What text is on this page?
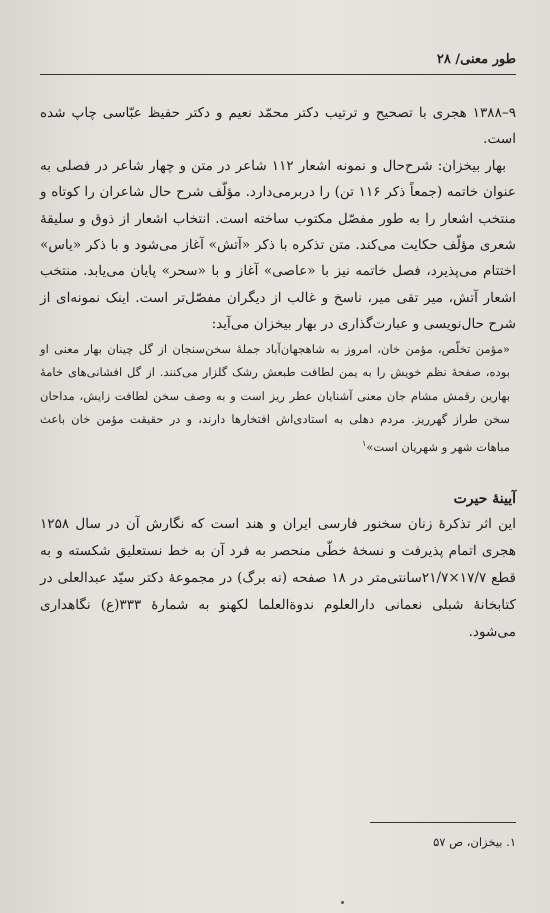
طور معنی/ ۲۸

۹–۱۳۸۸ هجری با تصحیح و ترتیب دکتر محمّد نعیم و دکتر حفیظ عبّاسی چاپ شده است.

بهار بیخزان: شرح‌حال و نمونه اشعار ۱۱۲ شاعر در متن و چهار شاعر در فصلی به عنوان خاتمه (جمعاً ذکر ۱۱۶ تن) را در‌برمی‌دارد. مؤلّف شرح حال شاعران را کوتاه و منتخب اشعار را به طور مفصّل مکتوب ساخته است. انتخاب اشعار از ذوق و سلیقهٔ شعری مؤلّف حکایت می‌کند. متن تذکره با ذکر «آتش» آغاز می‌شود و با ذکر «یاس» اختتام می‌پذیرد، فصل خاتمه نیز با «عاصی» آغاز و با «سحر» پایان می‌یابد. منتخب اشعار آتش، میر تقی میر، ناسخ و غالب از دیگران مفصّل‌تر است. اینک نمونه‌ای از شرح حال‌نویسی و عبارت‌گذاری در بهار بیخزان می‌آید:

«مؤمن تخلّص، مؤمن خان، امروز به شاهجهان‌آباد جملهٔ سخن‌سنجان از گل چینان بهار معنی او بوده، صفحهٔ نظم خویش را به یمن لطافت طبعش رشک گلزار می‌کنند. از گل افشانی‌های خامهٔ بهارین رقمش مشام جان معنی آشنایان عطر ریز است و به وصف سخن لطافت زایش، مداحان سخن طراز گهرریز. مردم دهلی به استادی‌اش افتخارها دارند، و در حقیقت مؤمن خان باعث مباهات شهر و شهریان است»$^۱$

آیینهٔ حیرت

این اثر تذکرهٔ زنان سخنور فارسی ایران و هند است که نگارش آن در سال ۱۲۵۸ هجری اتمام پذیرفت و نسخهٔ خطّی منحصر به فرد آن به خط نستعلیق شکسته و به قطع ۱۷/۷×۲۱/۷سانتی‌متر در ۱۸ صفحه (نه برگ) در مجموعهٔ دکتر سیّد عبدالعلی در کتابخانهٔ شبلی نعمانی دارالعلوم ندوةالعلما لکهنو به شمارهٔ ۳۳۳(ع) نگاهداری می‌شود.

۱. بیخزان، ص ۵۷
